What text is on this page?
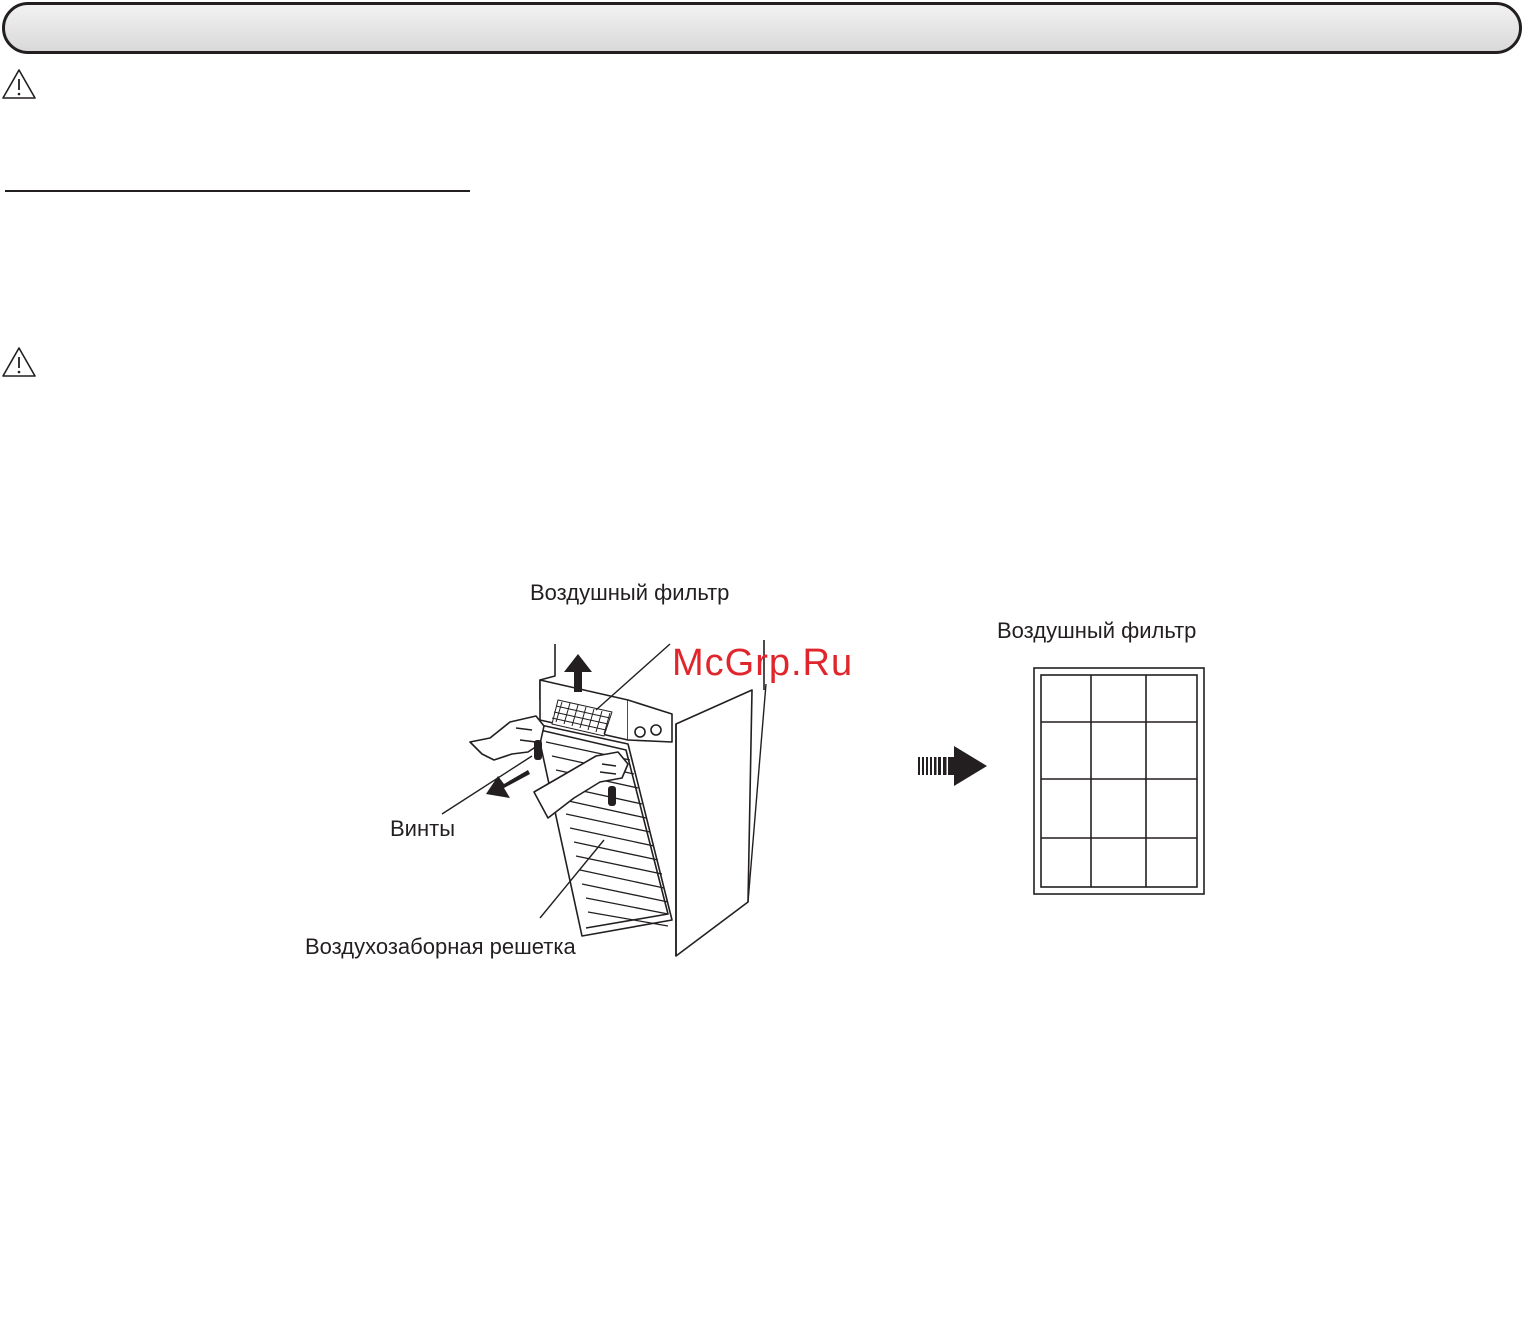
Воздушный фильтр
Винты
Воздухозаборная решетка
McGrp.Ru
Воздушный фильтр
